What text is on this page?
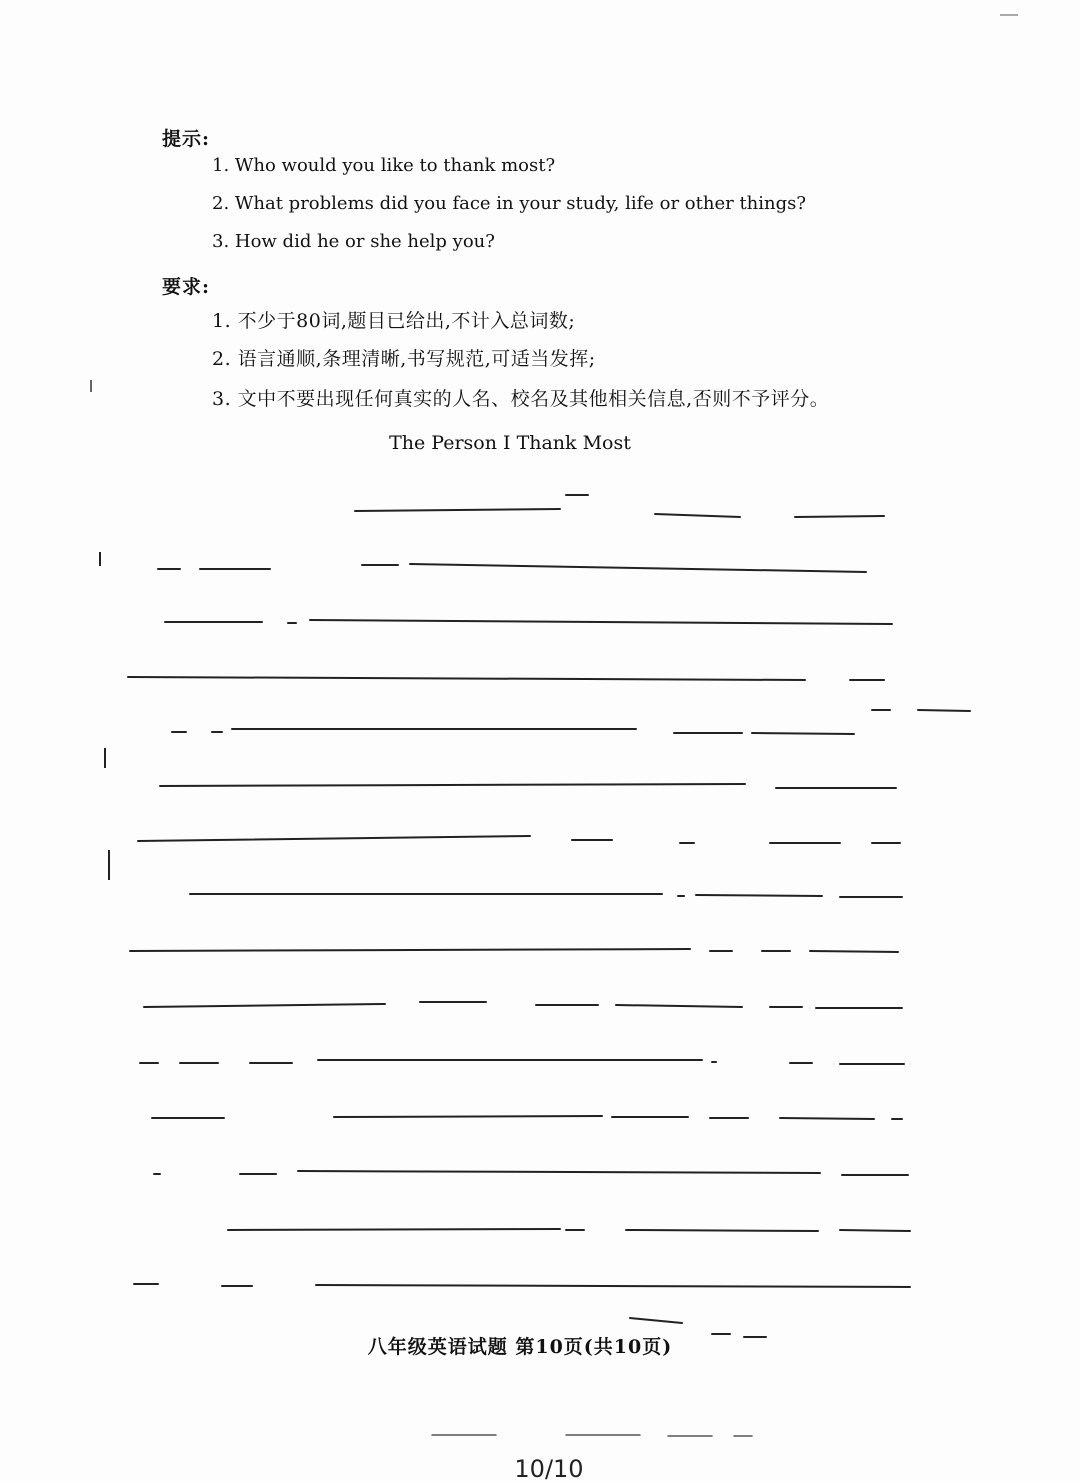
提示:
1. Who would you like to thank most?
2. What problems did you face in your study, life or other things?
3. How did he or she help you?
要求:
1. 不少于80词,题目已给出,不计入总词数;
2. 语言通顺,条理清晰,书写规范,可适当发挥;
3. 文中不要出现任何真实的人名、校名及其他相关信息,否则不予评分。
The Person I Thank Most
八年级英语试题 第10页(共10页)
10/10
